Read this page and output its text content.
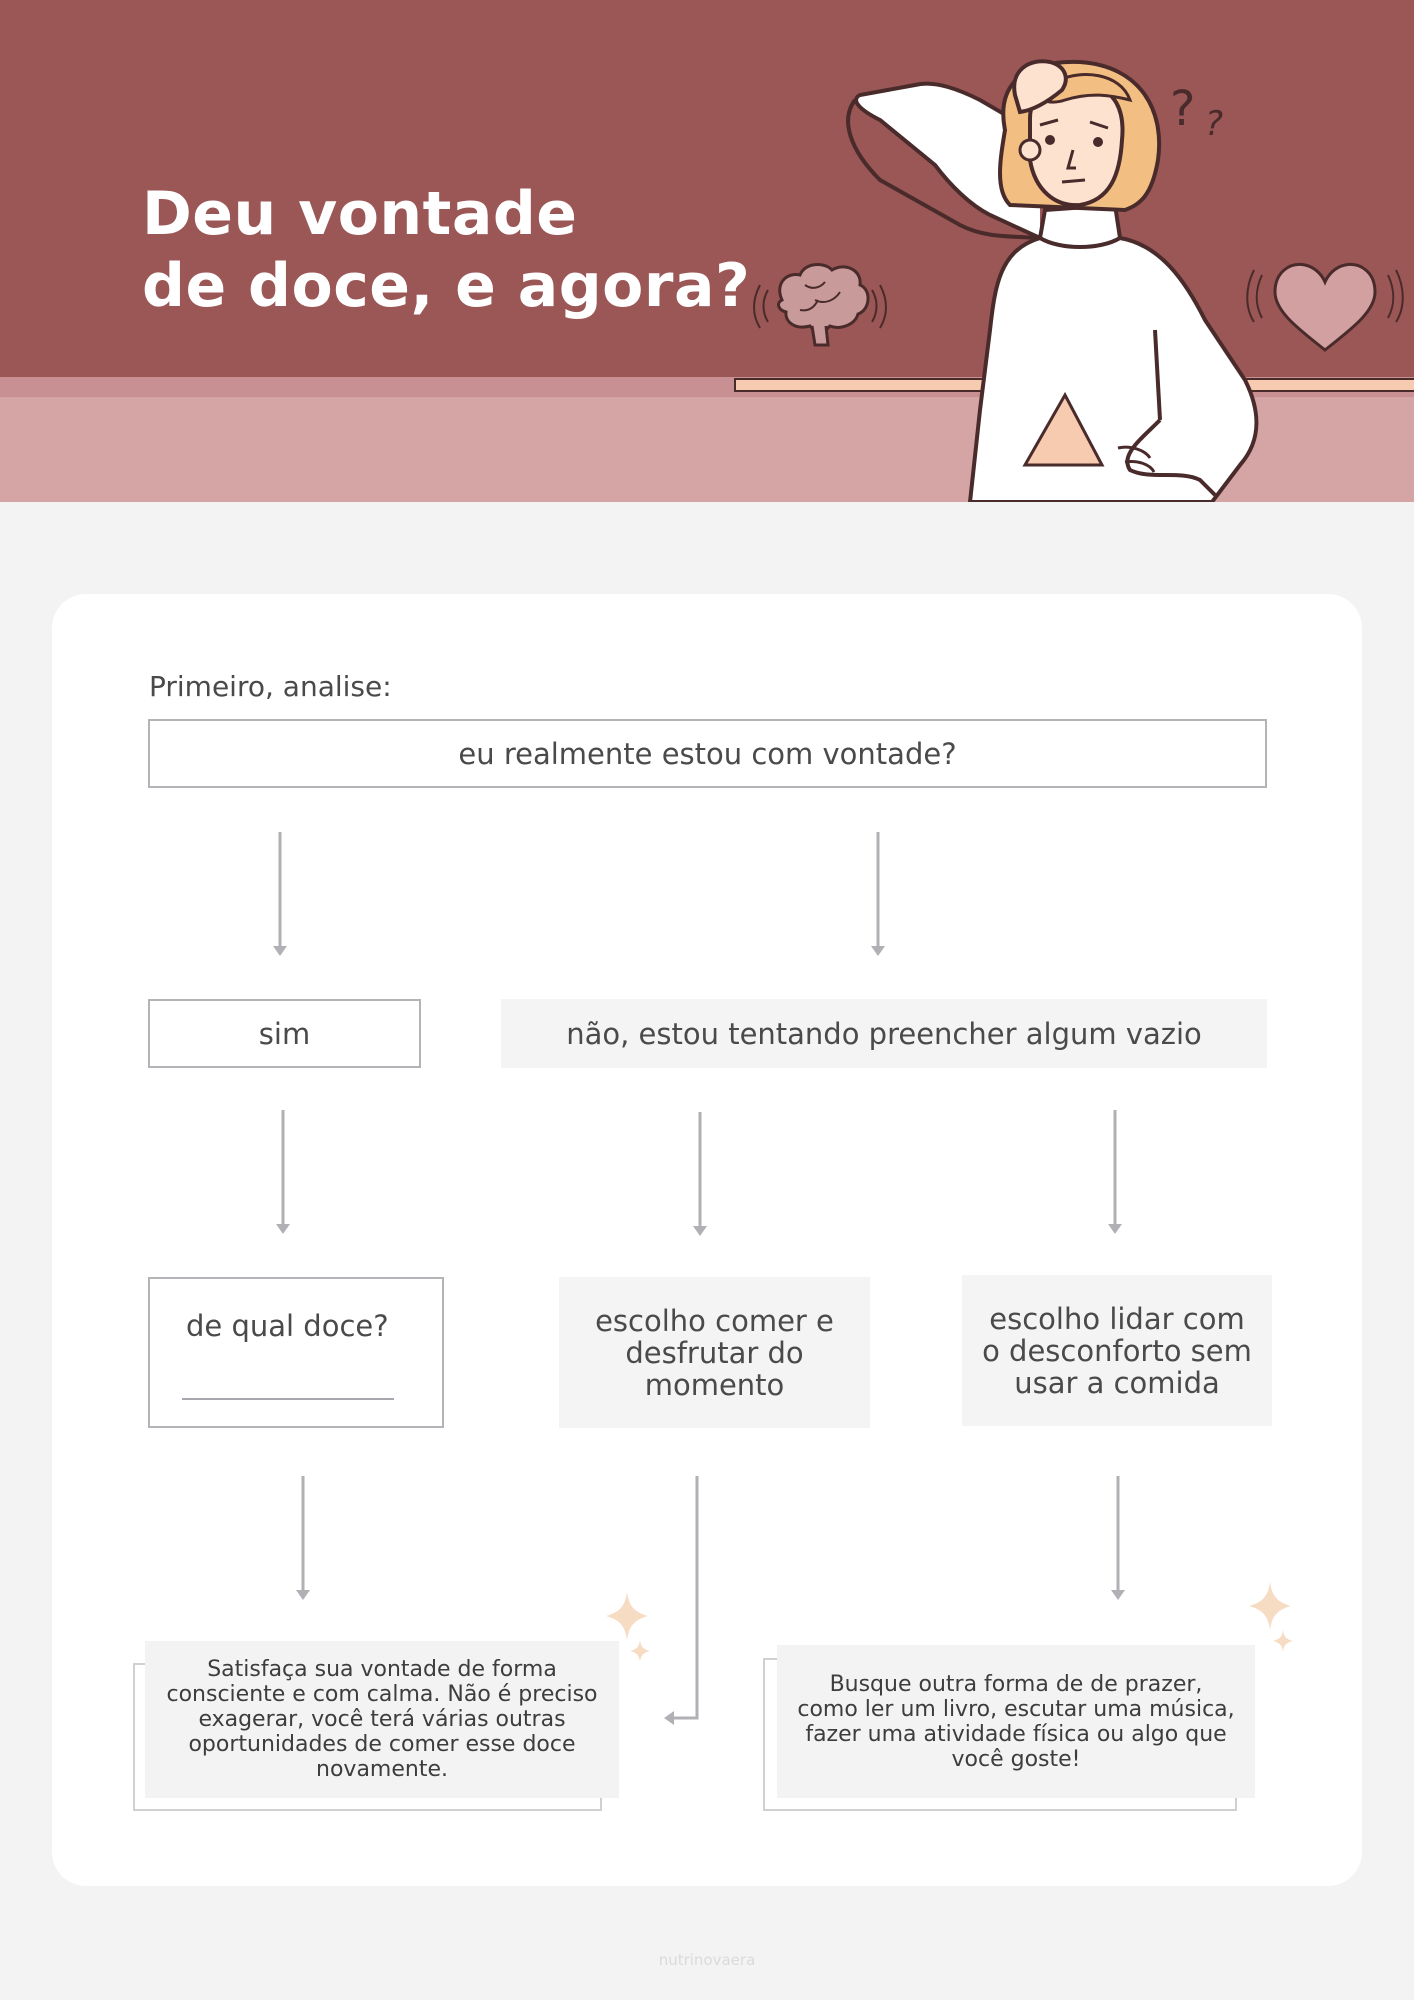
Deu vontade
de doce, e agora?
? ?
Primeiro, analise:
eu realmente estou com vontade?
sim	não, estou tentando preencher algum vazio
de qual doce?	escolho comer e desfrutar do momento
escolho lidar com o desconforto sem usar a comida
Satisfaça sua vontade de forma consciente e com calma. Não é preciso exagerar, você terá várias outras oportunidades de comer esse doce novamente.
Busque outra forma de de prazer, como ler um livro, escutar uma música, fazer uma atividade física ou algo que você goste!
nutrinovaera
